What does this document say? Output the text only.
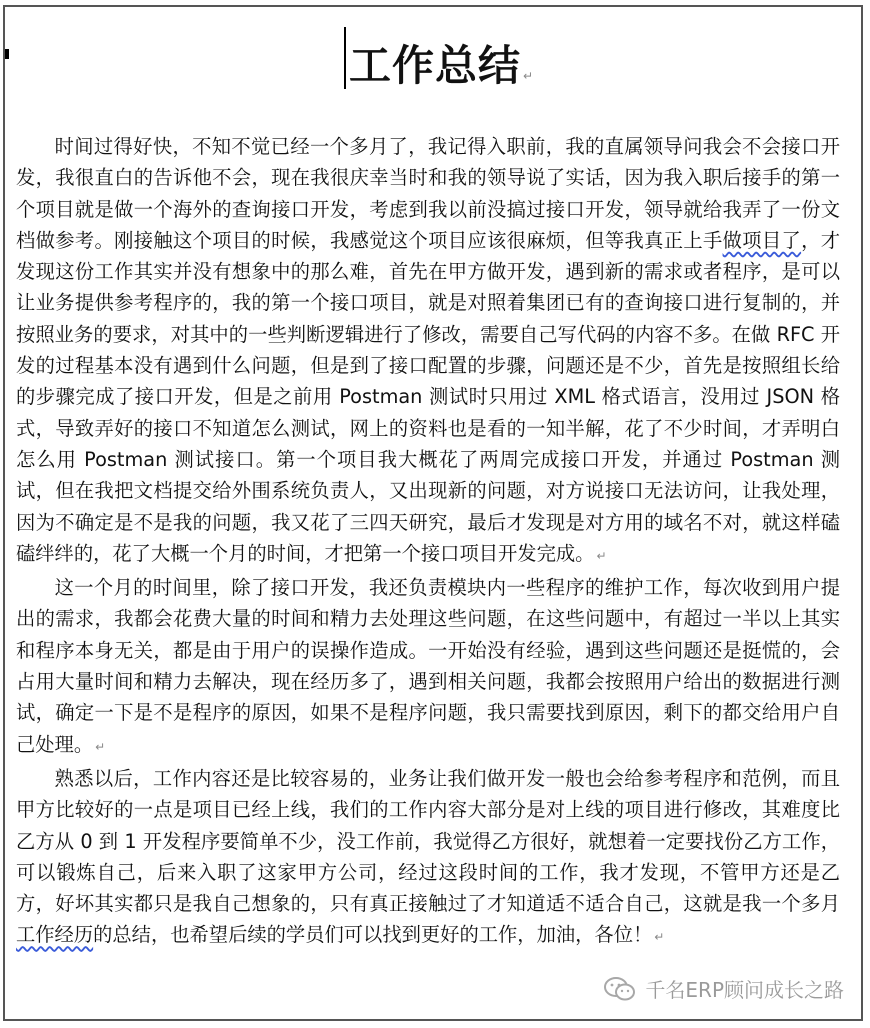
工作总结 ↵

时间过得好快，不知不觉已经一个多月了，我记得入职前，我的直属领导问我会不会接口开发，我很直白的告诉他不会，现在我很庆幸当时和我的领导说了实话，因为我入职后接手的第一个项目就是做一个海外的查询接口开发，考虑到我以前没搞过接口开发，领导就给我弄了一份文档做参考。刚接触这个项目的时候，我感觉这个项目应该很麻烦，但等我真正上手做项目了，才发现这份工作其实并没有想象中的那么难，首先在甲方做开发，遇到新的需求或者程序，是可以让业务提供参考程序的，我的第一个接口项目，就是对照着集团已有的查询接口进行复制的，并按照业务的要求，对其中的一些判断逻辑进行了修改，需要自己写代码的内容不多。在做 RFC 开发的过程基本没有遇到什么问题，但是到了接口配置的步骤，问题还是不少，首先是按照组长给的步骤完成了接口开发，但是之前用 Postman 测试时只用过 XML 格式语言，没用过 JSON 格式，导致弄好的接口不知道怎么测试，网上的资料也是看的一知半解，花了不少时间，才弄明白怎么用 Postman 测试接口。第一个项目我大概花了两周完成接口开发，并通过 Postman 测试，但在我把文档提交给外围系统负责人，又出现新的问题，对方说接口无法访问，让我处理，因为不确定是不是我的问题，我又花了三四天研究，最后才发现是对方用的域名不对，就这样磕磕绊绊的，花了大概一个月的时间，才把第一个接口项目开发完成。 ↵

这一个月的时间里，除了接口开发，我还负责模块内一些程序的维护工作，每次收到用户提出的需求，我都会花费大量的时间和精力去处理这些问题，在这些问题中，有超过一半以上其实和程序本身无关，都是由于用户的误操作造成。一开始没有经验，遇到这些问题还是挺慌的，会占用大量时间和精力去解决，现在经历多了，遇到相关问题，我都会按照用户给出的数据进行测试，确定一下是不是程序的原因，如果不是程序问题，我只需要找到原因，剩下的都交给用户自己处理。 ↵

熟悉以后，工作内容还是比较容易的，业务让我们做开发一般也会给参考程序和范例，而且甲方比较好的一点是项目已经上线，我们的工作内容大部分是对上线的项目进行修改，其难度比乙方从 0 到 1 开发程序要简单不少，没工作前，我觉得乙方很好，就想着一定要找份乙方工作，可以锻炼自己，后来入职了这家甲方公司，经过这段时间的工作，我才发现，不管甲方还是乙方，好坏其实都只是我自己想象的，只有真正接触过了才知道适不适合自己，这就是我一个多月工作经历的总结，也希望后续的学员们可以找到更好的工作，加油，各位！ ↵

千名ERP顾问成长之路
